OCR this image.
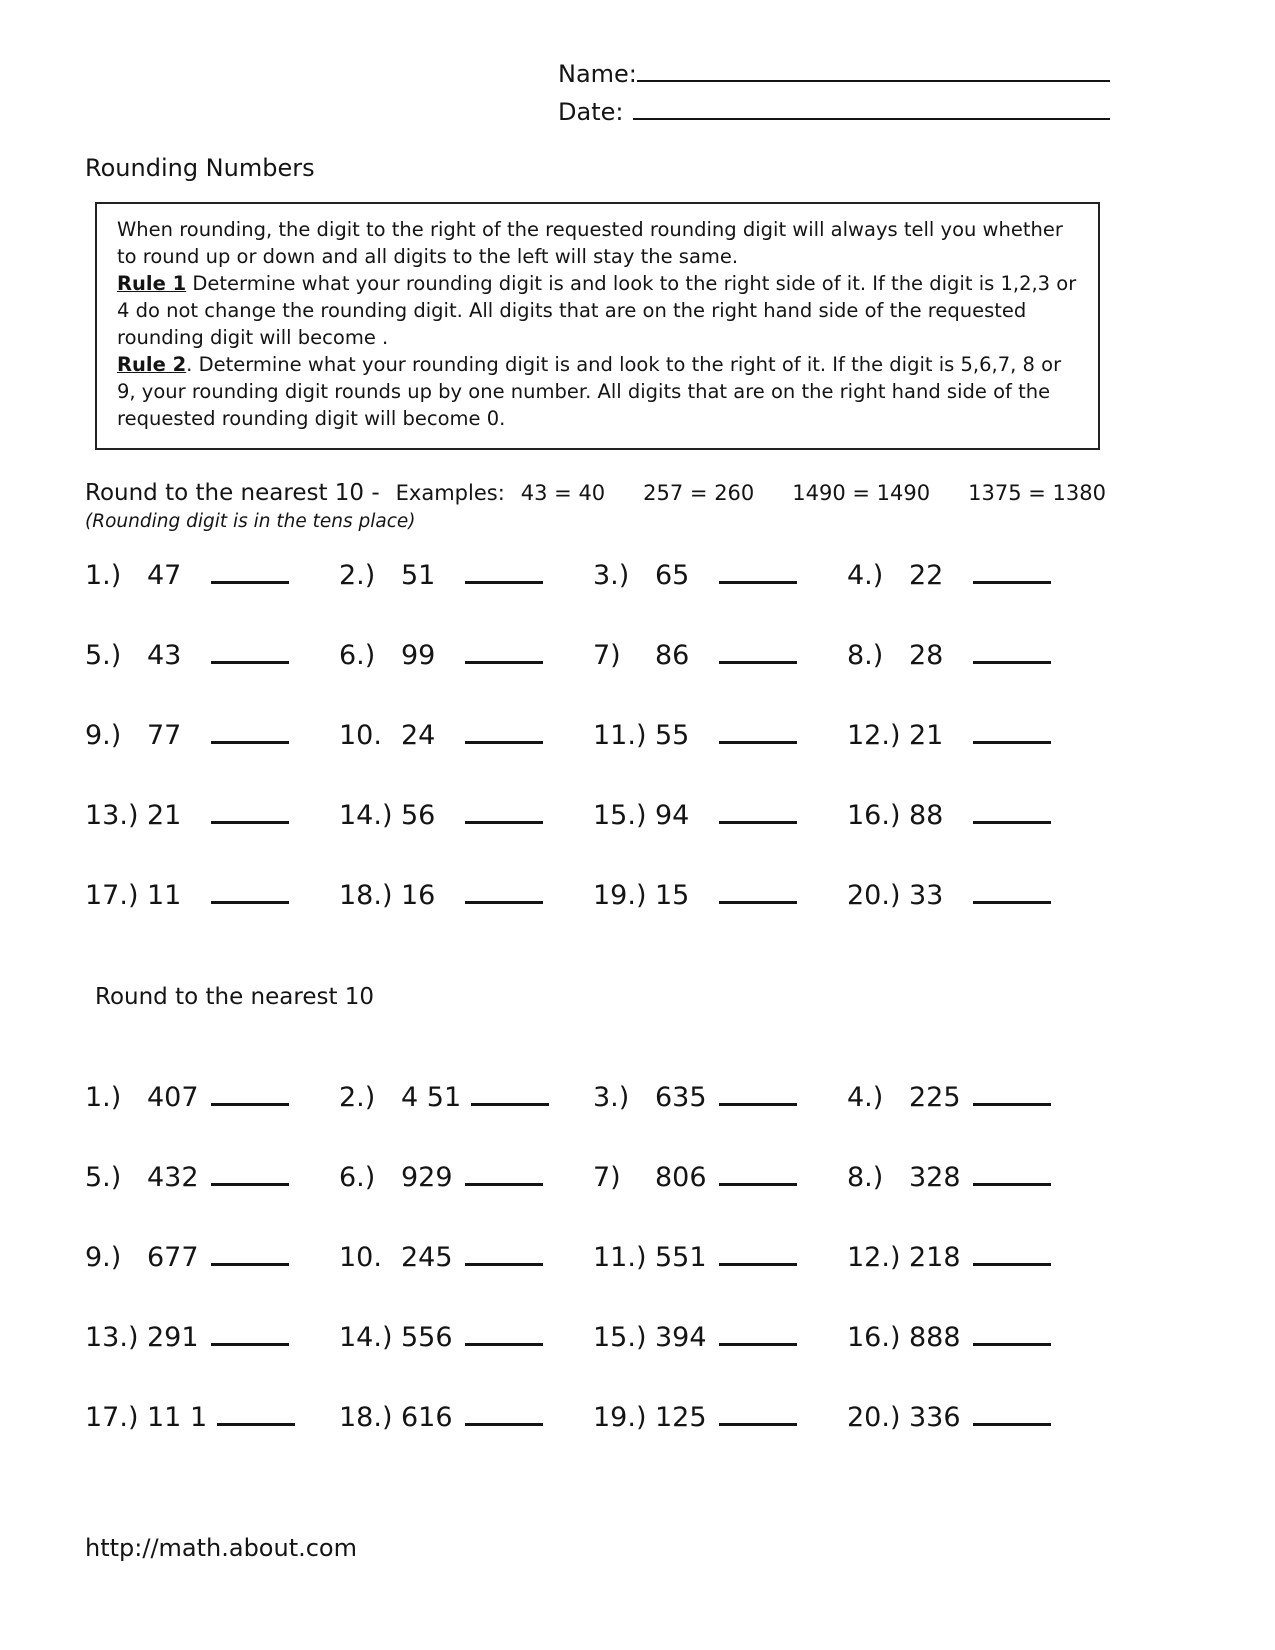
Name:
Date:
Rounding Numbers

When rounding, the digit to the right of the requested rounding digit will always tell you whether to round up or down and all digits to the left will stay the same.

Rule 1 Determine what your rounding digit is and look to the right side of it. If the digit is 1,2,3 or 4 do not change the rounding digit. All digits that are on the right hand side of the requested rounding digit will become .

Rule 2. Determine what your rounding digit is and look to the right of it. If the digit is 5,6,7, 8 or 9, your rounding digit rounds up by one number. All digits that are on the right hand side of the requested rounding digit will become 0.

Round to the nearest 10 - Examples: 43 = 40 257 = 260 1490 = 1490 1375 = 1380
(Rounding digit is in the tens place)
1.) 47	2.) 51	3.) 65	4.) 22
5.) 43	6.) 99	7)	86	8.) 28
9.) 77	10. 24	11.) 55	12.) 21
13.) 21	14.) 56	15.) 94	16.) 88
17.) 11	18.) 16	19.) 15	20.) 33
Round to the nearest 10
1.) 407	2.) 4 51	3.) 635	4.) 225
5.) 432	6.) 929	7)	806	8.) 328
9.) 677	10. 245	11.) 551	12.) 218
13.) 291	14.) 556	15.) 394	16.) 888
17.) 11 1	18.) 616	19.) 125	20.) 336
http://math.about.com
